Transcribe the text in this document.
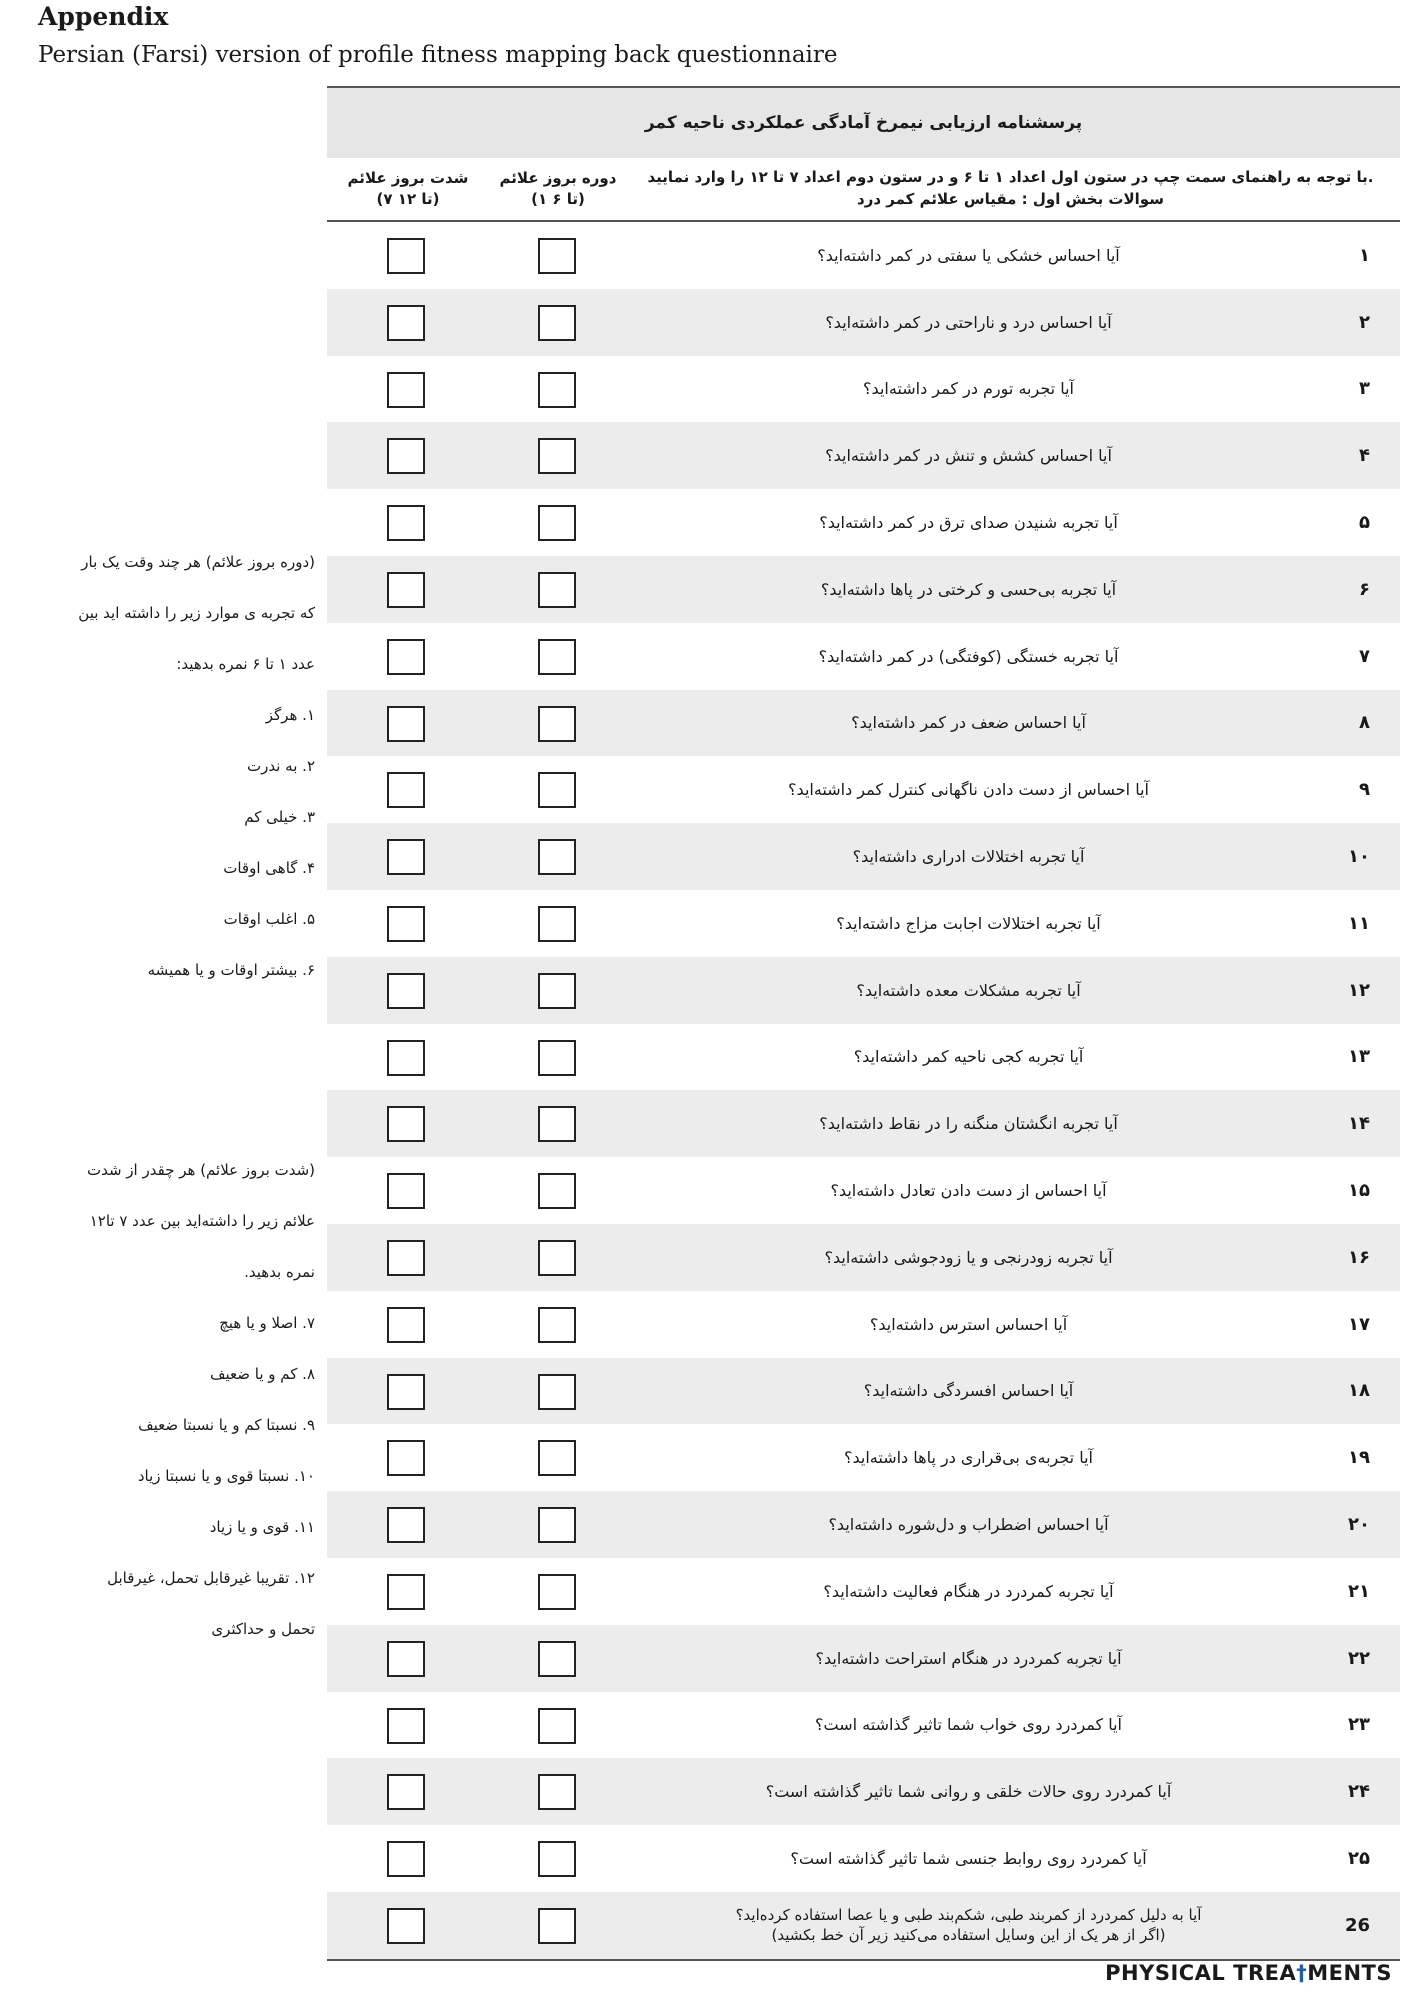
Appendix
Persian (Farsi) version of profile fitness mapping back questionnaire
پرسشنامه ارزیابی نیمرخ آمادگی عملکردی ناحیه کمر
شدت بروز علائم
(تا ۱۲ ۷)
دوره بروز علائم
(تا ۶ ۱)
.با توجه به راهنمای سمت چپ در ستون اول اعداد ۱ تا ۶ و در ستون دوم اعداد ۷ تا ۱۲ را وارد نمایید
سوالات بخش اول : مقیاس علائم کمر درد
آیا احساس خشکی یا سفتی در کمر داشته‌اید؟	۱
آیا احساس درد و ناراحتی در کمر داشته‌اید؟	۲
آیا تجربه تورم در کمر داشته‌اید؟	۳
آیا احساس کشش و تنش در کمر داشته‌اید؟	۴
آیا تجربه شنیدن صدای ترق در کمر داشته‌اید؟	۵
آیا تجربه بی‌حسی و کرختی در پاها داشته‌اید؟	۶
آیا تجربه خستگی (کوفتگی) در کمر داشته‌اید؟	۷
آیا احساس ضعف در کمر داشته‌اید؟	۸
آیا احساس از دست دادن ناگهانی کنترل کمر داشته‌اید؟	۹
آیا تجربه اختلالات ادراری داشته‌اید؟	۱۰
آیا تجربه اختلالات اجابت مزاج داشته‌اید؟	۱۱
آیا تجربه مشکلات معده داشته‌اید؟	۱۲
آیا تجربه کجی ناحیه کمر داشته‌اید؟	۱۳
آیا تجربه انگشتان منگنه را در نقاط داشته‌اید؟	۱۴
آیا احساس از دست دادن تعادل داشته‌اید؟	۱۵
آیا تجربه زودرنجی و یا زودجوشی داشته‌اید؟	۱۶
آیا احساس استرس داشته‌اید؟	۱۷
آیا احساس افسردگی داشته‌اید؟	۱۸
آیا تجربه‌ی بی‌قراری در پاها داشته‌اید؟	۱۹
آیا احساس اضطراب و دل‌شوره داشته‌اید؟	۲۰
آیا تجربه کمردرد در هنگام فعالیت داشته‌اید؟	۲۱
آیا تجربه کمردرد در هنگام استراحت داشته‌اید؟	۲۲
آیا کمردرد روی خواب شما تاثیر گذاشته است؟	۲۳
آیا کمردرد روی حالات خلقی و روانی شما تاثیر گذاشته است؟	۲۴
آیا کمردرد روی روابط جنسی شما تاثیر گذاشته است؟	۲۵
آیا به دلیل کمردرد از کمربند طبی، شکم‌بند طبی و یا عصا استفاده کرده‌اید؟
(اگر از هر یک از این وسایل استفاده می‌کنید زیر آن خط بکشید)	26
(دوره بروز علائم) هر چند وقت یک بار
که تجربه ی موارد زیر را داشته اید بین
عدد ۱ تا ۶ نمره بدهید:
۱. هرگز
۲. به ندرت
۳. خیلی کم
۴. گاهی اوقات
۵. اغلب اوقات
۶. بیشتر اوقات و یا همیشه
(شدت بروز علائم) هر چقدر از شدت
علائم زیر را داشته‌اید بین عدد ۷ تا۱۲
نمره بدهید.
۷. اصلا و یا هیچ
۸. کم و یا ضعیف
۹. نسبتا کم و یا نسبتا ضعیف
۱۰. نسبتا قوی و یا نسبتا زیاد
۱۱. قوی و یا زیاد
۱۲. تقریبا غیرقابل تحمل، غیرقابل
تحمل و حداکثری
PHYSICAL TREA†MENTS
